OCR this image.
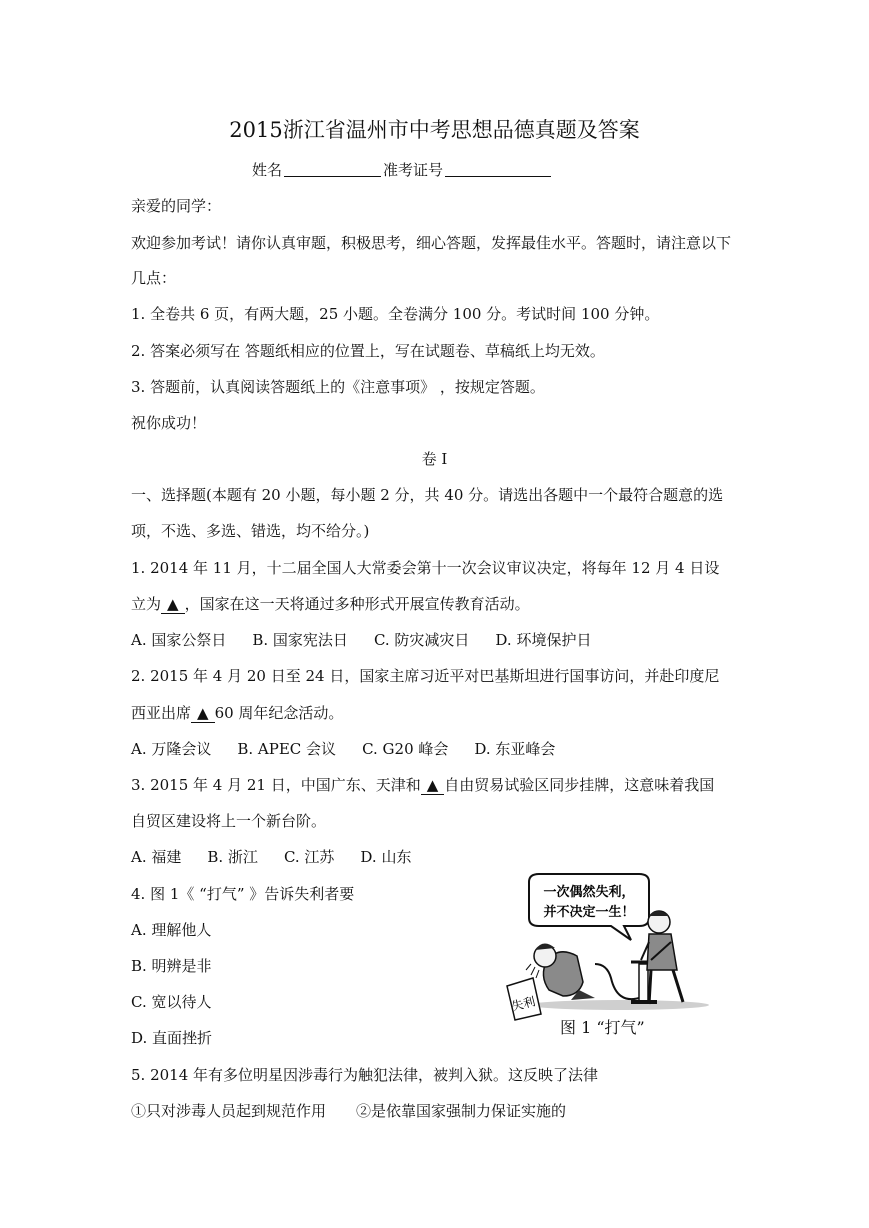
2015浙江省温州市中考思想品德真题及答案
姓名	准考证号
亲爱的同学：
欢迎参加考试！请你认真审题，积极思考，细心答题，发挥最佳水平。答题时，请注意以下
几点：
1. 全卷共 6 页，有两大题，25 小题。全卷满分 100 分。考试时间 100 分钟。
2. 答案必须写在 答题纸相应的位置上，写在试题卷、草稿纸上均无效。
3. 答题前，认真阅读答题纸上的《注意事项》 ，按规定答题。
祝你成功！
卷 I
一、选择题(本题有 20 小题，每小题 2 分，共 40 分。请选出各题中一个最符合题意的选
项，不选、多选、错选，均不给分。)
1. 2014 年 11 月，十二届全国人大常委会第十一次会议审议决定，将每年 12 月 4 日设
立为 ▲ ，国家在这一天将通过多种形式开展宣传教育活动。
A. 国家公祭日 B. 国家宪法日 C. 防灾减灾日 D. 环境保护日
2. 2015 年 4 月 20 日至 24 日，国家主席习近平对巴基斯坦进行国事访问，并赴印度尼
西亚出席 ▲ 60 周年纪念活动。
A. 万隆会议 B. APEC 会议 C. G20 峰会 D. 东亚峰会
3. 2015 年 4 月 21 日，中国广东、天津和 ▲ 自由贸易试验区同步挂牌，这意味着我国
自贸区建设将上一个新台阶。
A. 福建 B. 浙江 C. 江苏 D. 山东
4. 图 1《 “打气” 》告诉失利者要
A. 理解他人
B. 明辨是非
C. 宽以待人
D. 直面挫折
一次偶然失利，
并不决定一生！
失利
图 1 “打气”
5. 2014 年有多位明星因涉毒行为触犯法律，被判入狱。这反映了法律
①只对涉毒人员起到规范作用　　②是依靠国家强制力保证实施的
